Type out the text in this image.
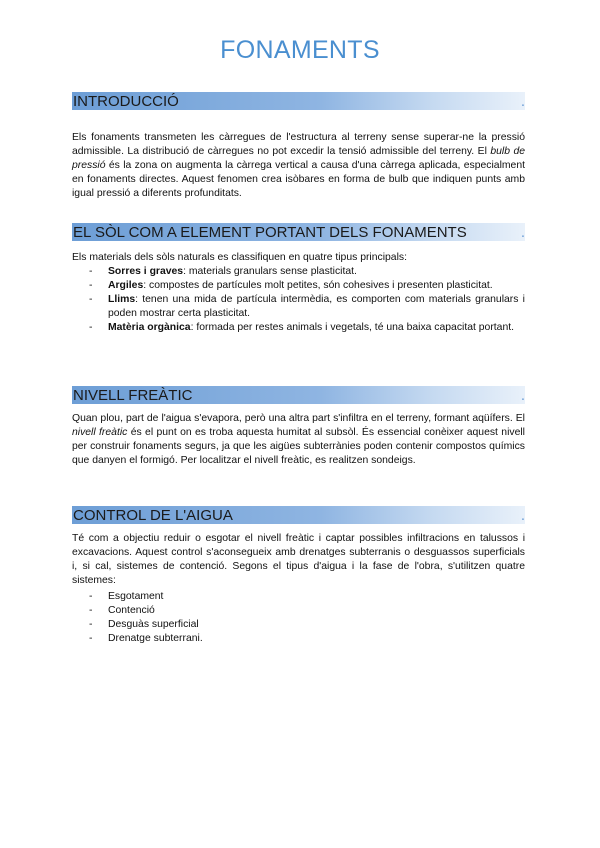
FONAMENTS
INTRODUCCIÓ	.

Els fonaments transmeten les càrregues de l'estructura al terreny sense superar-ne la pressió admissible. La distribució de càrregues no pot excedir la tensió admissible del terreny. El bulb de pressió és la zona on augmenta la càrrega vertical a causa d'una càrrega aplicada, especialment en fonaments directes. Aquest fenomen crea isòbares en forma de bulb que indiquen punts amb igual pressió a diferents profunditats.

EL SÒL COM A ELEMENT PORTANT DELS FONAMENTS	.

Els materials dels sòls naturals es classifiquen en quatre tipus principals:

- Sorres i graves: materials granulars sense plasticitat.
- Argiles: compostes de partícules molt petites, són cohesives i presenten plasticitat.
- Llims: tenen una mida de partícula intermèdia, es comporten com materials granulars i poden mostrar certa plasticitat.
- Matèria orgànica: formada per restes animals i vegetals, té una baixa capacitat portant.
NIVELL FREÀTIC	.

Quan plou, part de l'aigua s'evapora, però una altra part s'infiltra en el terreny, formant aqüífers. El nivell freàtic és el punt on es troba aquesta humitat al subsòl. És essencial conèixer aquest nivell per construir fonaments segurs, ja que les aigües subterrànies poden contenir compostos químics que danyen el formigó. Per localitzar el nivell freàtic, es realitzen sondeigs.

CONTROL DE L'AIGUA	.

Té com a objectiu reduir o esgotar el nivell freàtic i captar possibles infiltracions en talussos i excavacions. Aquest control s'aconsegueix amb drenatges subterranis o desguassos superficials i, si cal, sistemes de contenció. Segons el tipus d'aigua i la fase de l'obra, s'utilitzen quatre sistemes:

- Esgotament
- Contenció
- Desguàs superficial
- Drenatge subterrani.
